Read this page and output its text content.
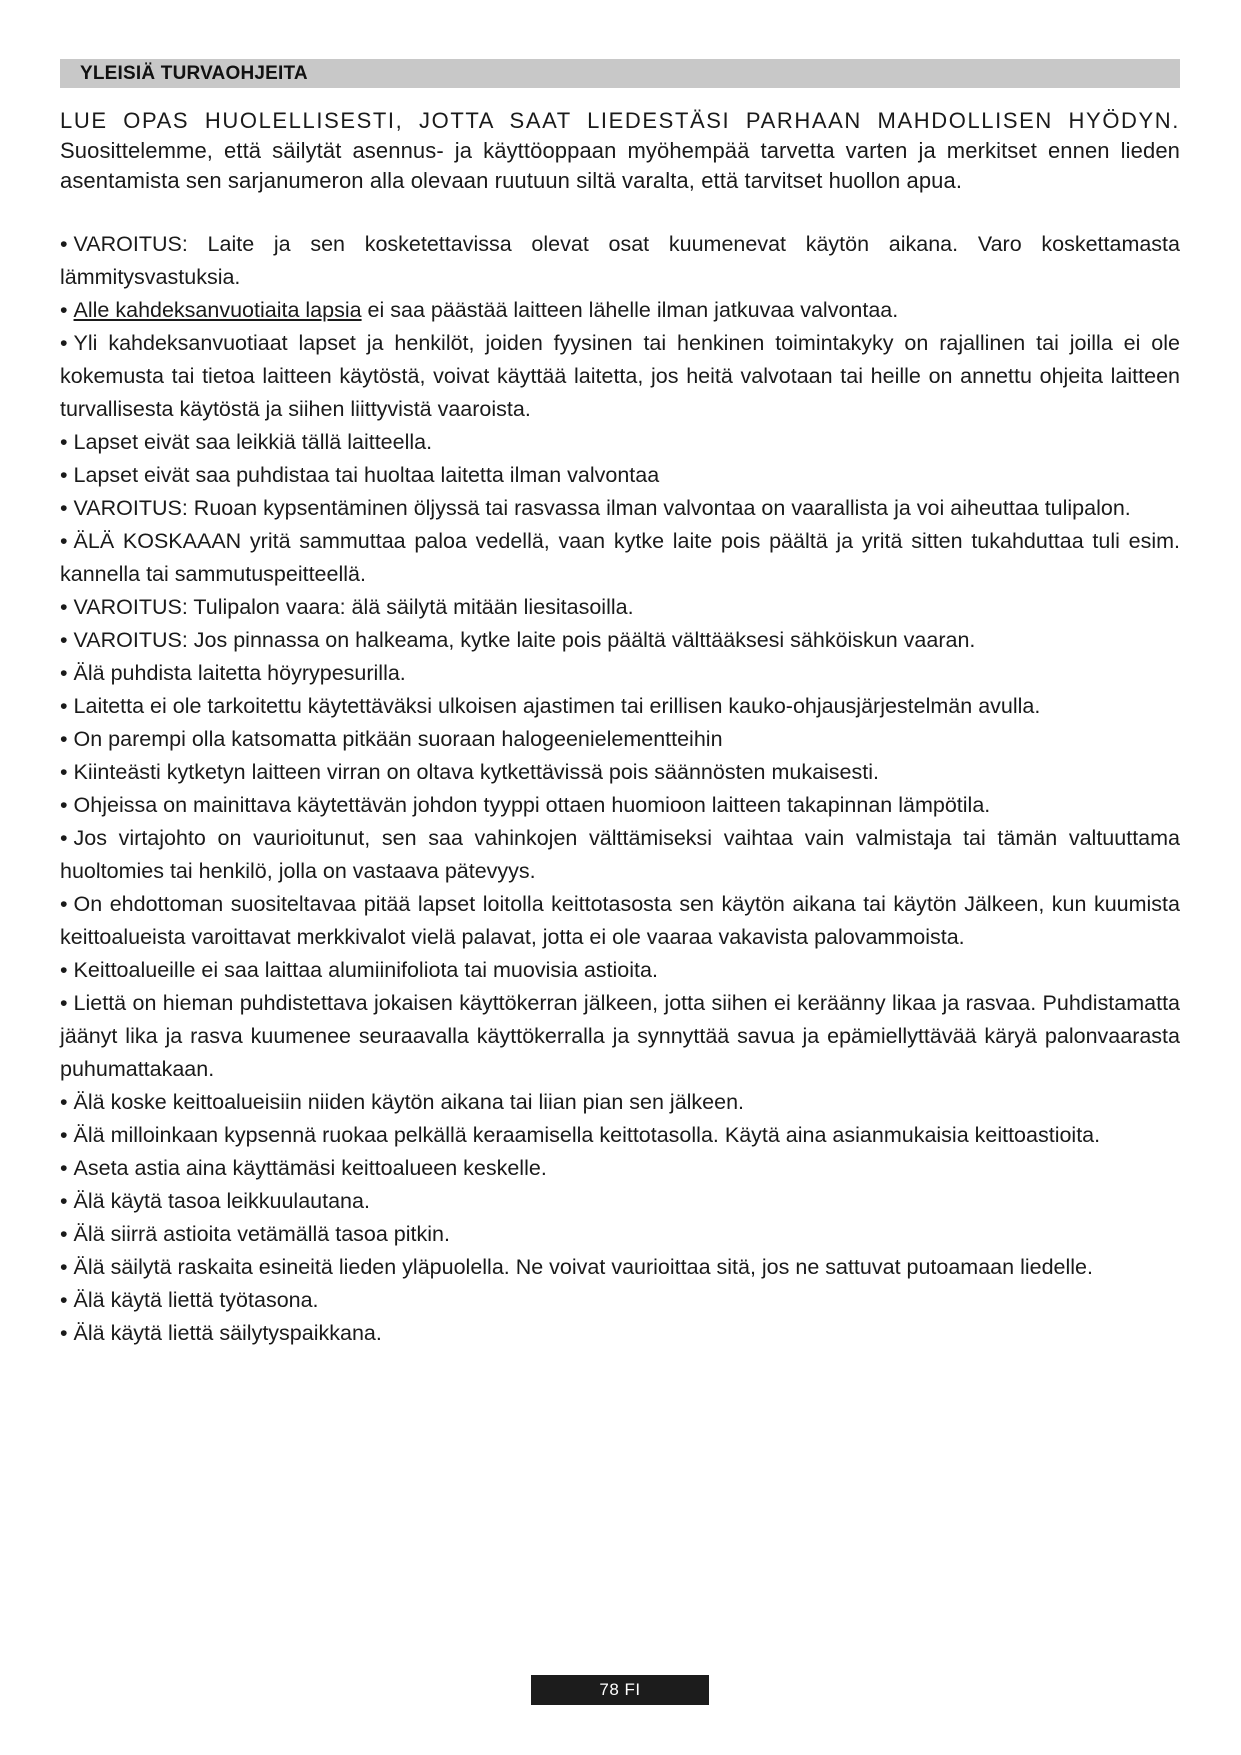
YLEISIÄ TURVAOHJEITA
LUE OPAS HUOLELLISESTI, JOTTA SAAT LIEDESTÄSI PARHAAN MAHDOLLISEN HYÖDYN.
Suosittelemme, että säilytät asennus- ja käyttöoppaan myöhempää tarvetta varten ja merkitset ennen lieden asentamista sen sarjanumeron alla olevaan ruutuun siltä varalta, että tarvitset huollon apua.
• VAROITUS: Laite ja sen kosketettavissa olevat osat kuumenevat käytön aikana. Varo koskettamasta lämmitysvastuksia.
• Alle kahdeksanvuotiaita lapsia ei saa päästää laitteen lähelle ilman jatkuvaa valvontaa.
• Yli kahdeksanvuotiaat lapset ja henkilöt, joiden fyysinen tai henkinen toimintakyky on rajallinen tai joilla ei ole kokemusta tai tietoa laitteen käytöstä, voivat käyttää laitetta, jos heitä valvotaan tai heille on annettu ohjeita laitteen turvallisesta käytöstä ja siihen liittyvistä vaaroista.
• Lapset eivät saa leikkiä tällä laitteella.
• Lapset eivät saa puhdistaa tai huoltaa laitetta ilman valvontaa
• VAROITUS: Ruoan kypsentäminen öljyssä tai rasvassa ilman valvontaa on vaarallista ja voi aiheuttaa tulipalon.
• ÄLÄ KOSKAAAN yritä sammuttaa paloa vedellä, vaan kytke laite pois päältä ja yritä sitten tukahduttaa tuli esim. kannella tai sammutuspeitteellä.
• VAROITUS: Tulipalon vaara: älä säilytä mitään liesitasoilla.
• VAROITUS: Jos pinnassa on halkeama, kytke laite pois päältä välttääksesi sähköiskun vaaran.
• Älä puhdista laitetta höyrypesurilla.
• Laitetta ei ole tarkoitettu käytettäväksi ulkoisen ajastimen tai erillisen kauko-ohjausjärjestelmän avulla.
• On parempi olla katsomatta pitkään suoraan halogeenielementteihin
• Kiinteästi kytketyn laitteen virran on oltava kytkettävissä pois säännösten mukaisesti.
• Ohjeissa on mainittava käytettävän johdon tyyppi ottaen huomioon laitteen takapinnan lämpötila.
• Jos virtajohto on vaurioitunut, sen saa vahinkojen välttämiseksi vaihtaa vain valmistaja tai tämän valtuuttama huoltomies tai henkilö, jolla on vastaava pätevyys.
• On ehdottoman suositeltavaa pitää lapset loitolla keittotasosta sen käytön aikana tai käytön Jälkeen, kun kuumista keittoalueista varoittavat merkkivalot vielä palavat, jotta ei ole vaaraa vakavista palovammoista.
• Keittoalueille ei saa laittaa alumiinifoliota tai muovisia astioita.
• Liettä on hieman puhdistettava jokaisen käyttökerran jälkeen, jotta siihen ei keräänny likaa ja rasvaa. Puhdistamatta jäänyt lika ja rasva kuumenee seuraavalla käyttökerralla ja synnyttää savua ja epämiellyttävää käryä palonvaarasta puhumattakaan.
• Älä koske keittoalueisiin niiden käytön aikana tai liian pian sen jälkeen.
• Älä milloinkaan kypsennä ruokaa pelkällä keraamisella keittotasolla. Käytä aina asianmukaisia keittoastioita.
• Aseta astia aina käyttämäsi keittoalueen keskelle.
• Älä käytä tasoa leikkuulautana.
• Älä siirrä astioita vetämällä tasoa pitkin.
• Älä säilytä raskaita esineitä lieden yläpuolella. Ne voivat vaurioittaa sitä, jos ne sattuvat putoamaan liedelle.
• Älä käytä liettä työtasona.
• Älä käytä liettä säilytyspaikkana.
78 FI
